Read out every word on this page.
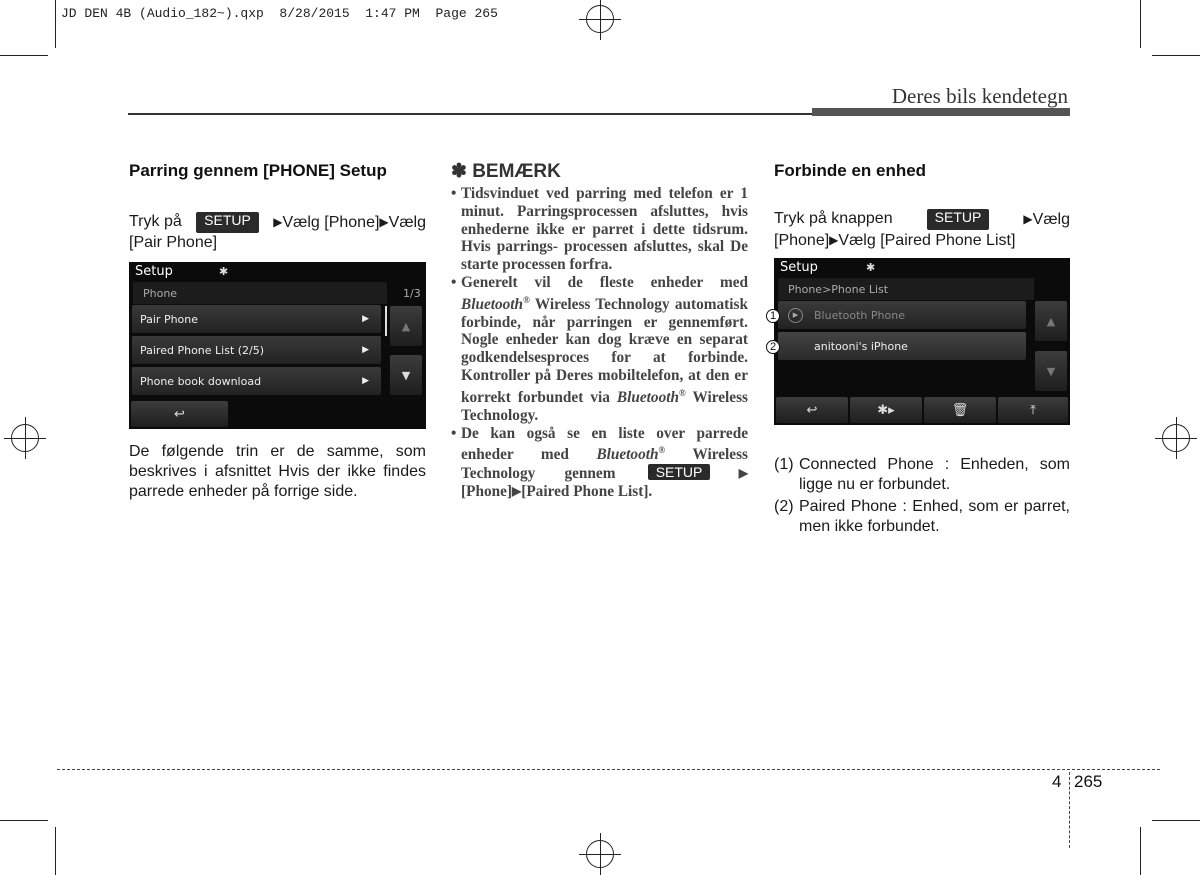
JD DEN 4B (Audio_182~).qxp  8/28/2015  1:47 PM  Page 265
Deres bils kendetegn
Parring gennem [PHONE] Setup
Tryk på	SETUP	▶Vælg [Phone]▶Vælg
[Pair Phone]
Setup	✱
Phone	1/3
Pair Phone	▶
Paired Phone List (2/5)	▶
Phone book download	▶
▲
▼
↩
De følgende trin er de samme, som beskrives i afsnittet Hvis der ikke findes parrede enheder på forrige side.
✽ BEMÆRK
• Tidsvinduet ved parring med telefon er 1 minut. Parringsprocessen afsluttes, hvis enhederne ikke er parret i dette tidsrum. Hvis parrings- processen afsluttes, skal De starte processen forfra.
• Generelt vil de fleste enheder med Bluetooth® Wireless Technology automatisk forbinde, når parringen er gennemført. Nogle enheder kan dog kræve en separat godkendelsesproces for at forbinde. Kontroller på Deres mobiltelefon, at den er korrekt forbundet via Bluetooth® Wireless Technology.
• De kan også se en liste over parrede enheder med Bluetooth® Wireless Technology gennem	SETUP ▶ [Phone]▶[Paired Phone List].
Forbinde en enhed
Tryk på knappen	SETUP	▶Vælg
[Phone]▶Vælg [Paired Phone List]
Setup	✱
Phone>Phone List
Bluetooth Phone
▶
anitooni's iPhone
▲
▼
↩	✱▸	🗑	⤒
1
2
(1) Connected Phone : Enheden, som ligge nu er forbundet.
(2) Paired Phone : Enhed, som er parret, men ikke forbundet.
4 265
